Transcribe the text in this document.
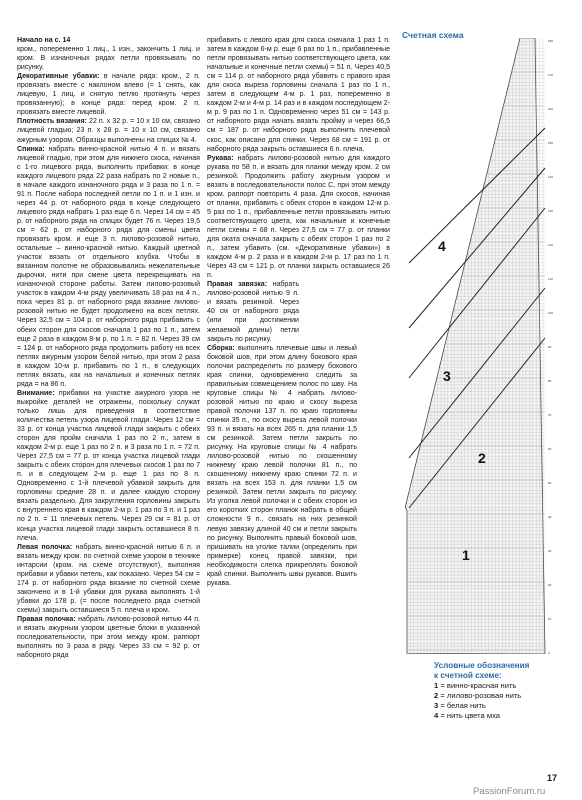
Начало на с. 14

кром., попеременно 1 лиц., 1 изн., закончить 1 лиц. и кром. В изнаночных рядах петли провязывать по рисунку.

Декоративные убавки: в начале ряда: кром., 2 п. провязать вместе с наклоном влево (= 1 снять, как лицевую, 1 лиц. и снятую петлю протянуть через провязанную); в конце ряда: перед кром. 2 п. провязать вместе лицевой.

Плотность вязания: 22 п. х 32 р. = 10 х 10 см, связано лицевой гладью; 23 п. х 28 р. = 10 х 10 см, связано ажурным узором. Образцы выполнены на спицах № 4.

Спинка: набрать винно-красной нитью 4 п. и вязать лицевой гладью, при этом для нижнего скоса, начиная с 1-го лицевого ряда, выполнить прибавки: в конце каждого лицевого ряда 22 раза набрать по 2 новые п., в начале каждого изнаночного ряда и 3 раза по 1 п. = 91 п. После набора последней петли по 1 п. и 1 изн. и через 44 р. от наборного ряда в конце следующего лицевого ряда набрать 1 раз еще 6 п. Через 14 см = 45 р. от наборного ряда на спицах будет 76 п. Через 19,5 см = 62 р. от наборного ряда для смены цвета провязать кром. и еще 3 п. лилово-розовой нитью, остальные – винно-красной нитью. Каждый цветной участок вязать от отдельного клубка. Чтобы в вязанном полотне не образовывались нежелательные дырочки, нити при смене цвета перекрещивать на изнаночной стороне работы. Затем лилово-розовый участок в каждом 4-м ряду увеличивать 18 раз на 4 п., пока через 81 р. от наборного ряда вязание лилово-розовой нитью не будет продолжено на всех петлях. Через 32,5 см = 104 р. от наборного ряда прибавить с обеих сторон для скосов сначала 1 раз по 1 п., затем еще 2 раза в каждом 8-м р. по 1 п. = 82 п. Через 39 см = 124 р. от наборного ряда продолжить работу на всех петлях ажурным узором белой нитью, при этом 2 раза в каждом 10-м р. прибавить по 1 п., в следующих петлях вязать, как на начальных и конечных петлях ряда = на 86 п.

Внимание: прибавки на участке ажурного узора не выкройке деталей не отражены, поскольку служат только лишь для приведения в соответствие количества петель узора лицевой глади. Через 12 см = 33 р. от конца участка лицевой глади закрыть с обеих сторон для пройм сначала 1 раз по 2 п., затем в каждом 2-м р. еще 1 раз по 2 п. и 3 раза по 1 п. = 72 п. Через 27,5 см = 77 р. от конца участка лицевой глади закрыть с обеих сторон для плечевых скосов 1 раз по 7 п. и в следующем 2-м р. еще 1 раз по 8 п. Одновременно с 1-й плечевой убавкой закрыть для горловины средние 28 п. и далее каждую сторону вязать раздельно. Для закругления горловины закрыть с внутреннего края в каждом 2-м р. 1 раз по 3 п. и 1 раз по 2 п. = 11 плечевых петель. Через 29 см = 81 р. от конца участка лицевой глади закрыть оставшиеся 8 п. плеча.

Левая полочка: набрать винно-красной нитью 6 п. и вязать между кром. по счетной схеме узором в технике интарсии (кром. на схеме отсутствуют), выполняя прибавки и убавки петель, как показано. Через 54 см = 174 р. от наборного ряда вязание по счетной схеме закончено и в 1-й убавки для рукава выполнять 1-й убавки до 178 р. (= после последнего ряда счетной схемы) закрыть оставшиеся 5 п. плеча и кром.

Правая полочка: набрать лилово-розовой нитью 44 п. и вязать ажурным узором цветные блоки в указанной последовательности, при этом между кром. раппорт выполнять по 3 раза в ряду. Через 33 см = 92 р. от наборного ряда

прибавить с левого края для скоса сначала 1 раз 1 п. затем в каждом 6-м р. еще 6 раз по 1 п., прибавленные петли провязывать нитью соответствующего цвета, как начальные и конечные петли схемы) = 51 п. Через 40,5 см = 114 р. от наборного ряда убавить с правого края для скоса выреза горловины сначала 1 раз по 1 п., затем в следующем 4-м р. 1 раз, попеременно в каждом 2-м и 4-м р. 14 раз и в каждом последующем 2-м р. 9 раз по 1 п. Одновременно через 51 см = 143 р. от наборного ряда начать вязать пройму и через 66,5 см = 187 р. от наборного ряда выполнить плечевой скос, как описано для спинки. Через 68 см = 191 р. от наборного ряда закрыть оставшиеся 6 п. плеча.

Рукава: набрать лилово-розовой нитью для каждого рукава по 58 п. и вязать для планки между кром. 2 см резинкой. Продолжить работу ажурным узором и вязать в последовательности полос С, при этом между кром. раппорт повторить 4 раза. Для скосов, начиная от планки, прибавить с обеих сторон в каждом 12-м р. 5 раз по 1 п., прибавленные петли провязывать нитью соответствующего цвета, как начальные и конечные петли схемы = 68 п. Через 27,5 см = 77 р. от планки для оката сначала закрыть с обеих сторон 1 раз по 2 п., затем убавить (см. «Декоративные убавки») в каждом 4-м р. 2 раза и в каждом 2-м р. 17 раз по 1 п. Через 43 см = 121 р. от планки закрыть оставшиеся 26 п.

Правая завязка: набрать лилово-розовой нитью 9 п. и вязать резинкой. Через 40 см от наборного ряда (или при достижении желаемой длины) петли закрыть по рисунку.

Сборка: выполнить плечевые швы и левый боковой шов, при этом длину бокового края полочки распределить по размеру бокового края спинки, одновременно следить за правильным совмещением полос по шву. На круговые спицы № 4 набрать лилово-розовой нитью по краю и скосу выреза правой полочки 137 п. по краю горловины спинки 35 п., по скосу выреза левой полочки 93 п. и вязать на всех 265 п. для планки 1,5 см резинкой. Затем петли закрыть по рисунку. На круговые спицы № 4 набрать лилово-розовой нитью по скошенному нижнему краю левой полочки 81 п., по скошенному нижнему краю спинки 72 п. и вязать на всех 153 п. для планки 1,5 см резинкой. Затем петли закрыть по рисунку. Из уголка левой полочки и с обеих сторон из его коротких сторон планок набрать в общей сложности 9 п., связать на них резинкой левую завязку длиной 40 см и петли закрыть по рисунку. Выполнить правый боковой шов, пришивать на уголке талии (определить при примерке) конец правой завязки, при необходимости слегка прикреплять боковой край спинки. Выполнить швы рукавов. Вшить рукава.

Счетная схема
0
10
20
30
40
50
60
70
80
90
100
110
120
130
140
150
160
170
180
4
3
2
1
Условные обозначения
к счетной схеме:
1 = винно-красная нить
2 = лилово-розовая нить
3 = белая нить
4 = нить цвета мха
17
PassionForum.ru
